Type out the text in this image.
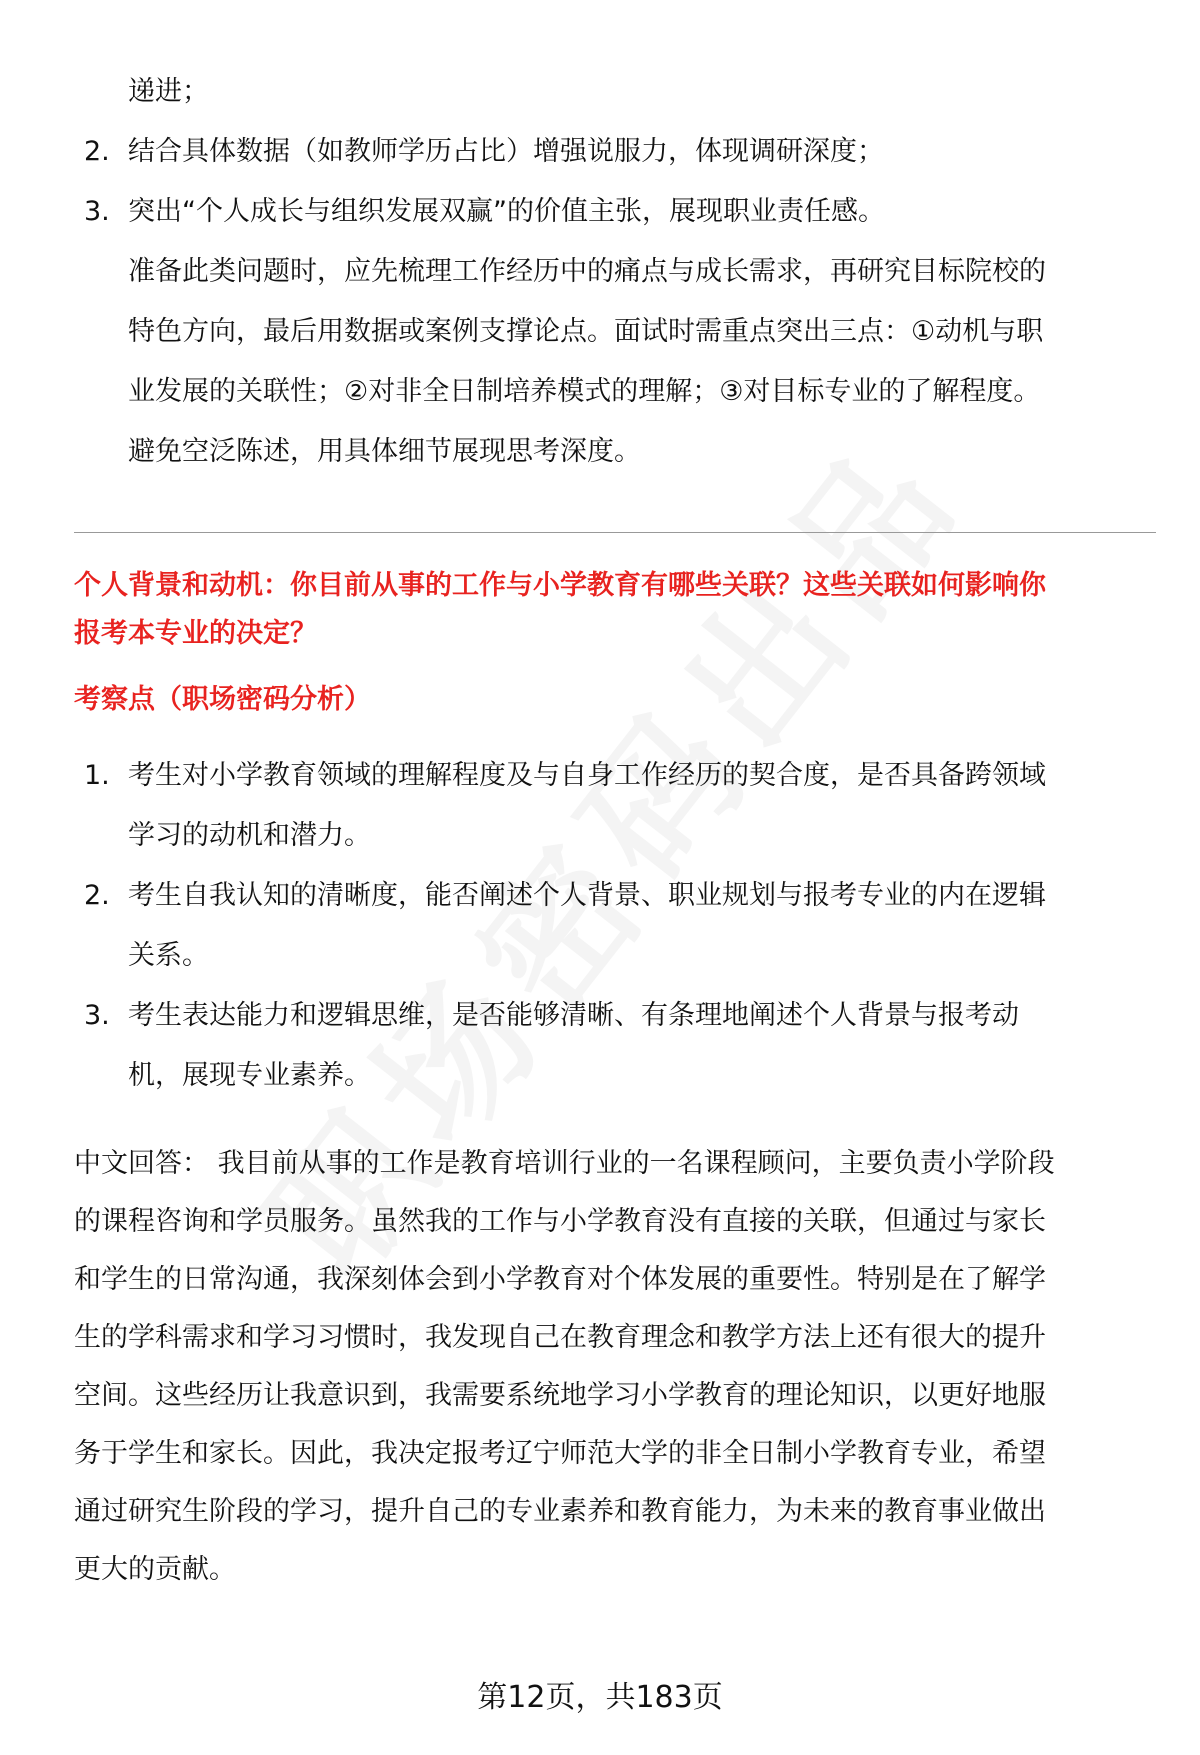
递进；
2. 结合具体数据（如教师学历占比）增强说服力，体现调研深度；
3. 突出“个人成长与组织发展双赢”的价值主张，展现职业责任感。
准备此类问题时，应先梳理工作经历中的痛点与成长需求，再研究目标院校的
特色方向，最后用数据或案例支撑论点。面试时需重点突出三点：①动机与职
业发展的关联性；②对非全日制培养模式的理解；③对目标专业的了解程度。
避免空泛陈述，用具体细节展现思考深度。
个人背景和动机：你目前从事的工作与小学教育有哪些关联？这些关联如何影响你
报考本专业的决定？
考察点（职场密码分析）
1. 考生对小学教育领域的理解程度及与自身工作经历的契合度，是否具备跨领域
学习的动机和潜力。
2. 考生自我认知的清晰度，能否阐述个人背景、职业规划与报考专业的内在逻辑
关系。
3. 考生表达能力和逻辑思维，是否能够清晰、有条理地阐述个人背景与报考动
机，展现专业素养。
中文回答： 我目前从事的工作是教育培训行业的一名课程顾问，主要负责小学阶段
的课程咨询和学员服务。虽然我的工作与小学教育没有直接的关联，但通过与家长
和学生的日常沟通，我深刻体会到小学教育对个体发展的重要性。特别是在了解学
生的学科需求和学习习惯时，我发现自己在教育理念和教学方法上还有很大的提升
空间。这些经历让我意识到，我需要系统地学习小学教育的理论知识，以更好地服
务于学生和家长。因此，我决定报考辽宁师范大学的非全日制小学教育专业，希望
通过研究生阶段的学习，提升自己的专业素养和教育能力，为未来的教育事业做出
更大的贡献。
第12页，共183页
